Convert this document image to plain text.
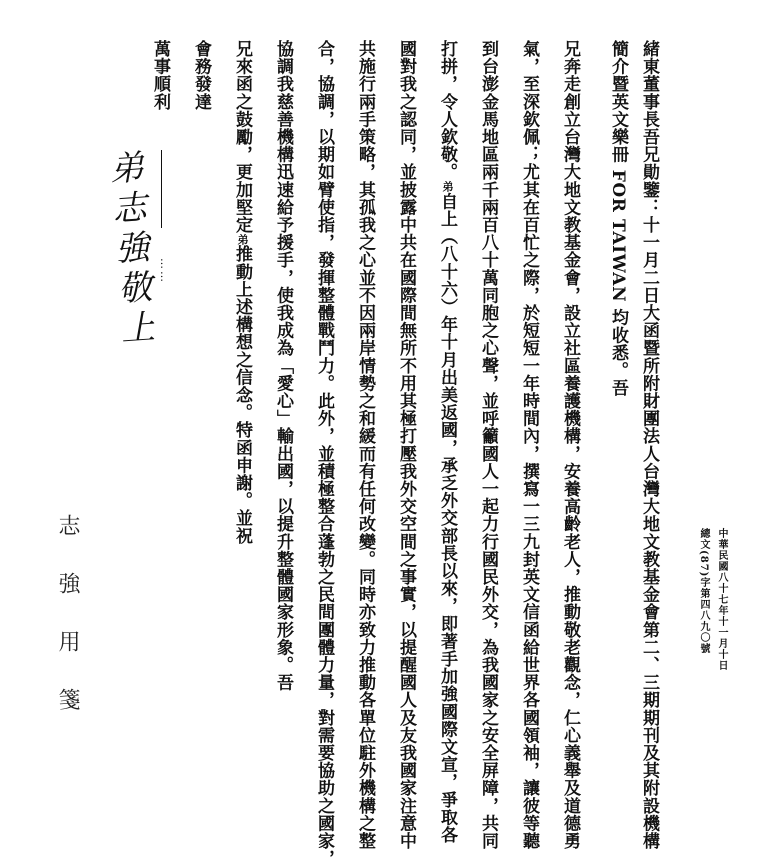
中華民國八十七年十一月十日
總文(87)字第四八九〇號
緒東董事長吾兄勛鑒：十一月二日大函暨所附財團法人台灣大地文教基金會第二、三期期刊及其附設機構
簡介暨英文樂冊 FOR TAIWAN 均收悉。吾
兄奔走創立台灣大地文教基金會，設立社區養護機構，安養高齡老人，推動敬老觀念，仁心義舉及道德勇
氣，至深欽佩；尤其在百忙之際，於短短一年時間內，撰寫一三九封英文信函給世界各國領袖，讓彼等聽
到台澎金馬地區兩千兩百八十萬同胞之心聲，並呼籲國人一起力行國民外交，為我國家之安全屏障，共同
打拼，令人欽敬。弟自上（八十六）年十月出美返國，承乏外交部長以來，即著手加強國際文宣，爭取各
國對我之認同，並披露中共在國際間無所不用其極打壓我外交空間之事實，以提醒國人及友我國家注意中
共施行兩手策略，其孤我之心並不因兩岸情勢之和緩而有任何改變。同時亦致力推動各單位駐外機構之整
合，協調，以期如臂使指，發揮整體戰鬥力。此外，並積極整合蓬勃之民間團體力量，對需要協助之國家，
協調我慈善機構迅速給予援手，使我成為「愛心」輸出國，以提升整體國家形象。吾
兄來函之鼓勵，更加堅定弟推動上述構想之信念。特函申謝。並祝
會務發達
萬事順利
弟志強敬上 ……
志強用箋
